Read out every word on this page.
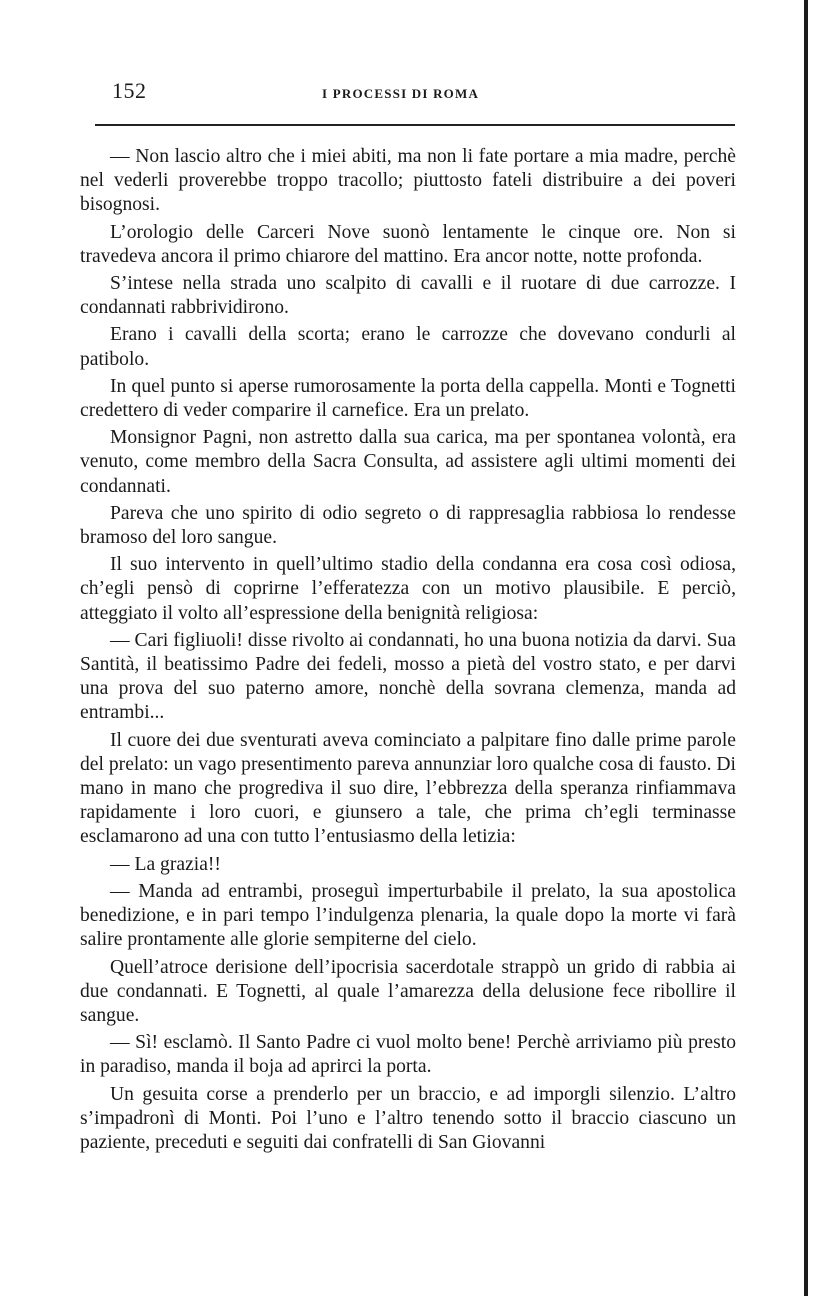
152	I PROCESSI DI ROMA

— Non lascio altro che i miei abiti, ma non li fate portare a mia madre, perchè nel vederli proverebbe troppo tracollo; piuttosto fateli distribuire a dei poveri bisognosi.

L’orologio delle Carceri Nove suonò lentamente le cinque ore. Non si travedeva ancora il primo chiarore del mattino. Era ancor notte, notte profonda.

S’intese nella strada uno scalpito di cavalli e il ruotare di due carrozze. I condannati rabbrividirono.

Erano i cavalli della scorta; erano le carrozze che dovevano condurli al patibolo.

In quel punto si aperse rumorosamente la porta della cappella. Monti e Tognetti credettero di veder comparire il carnefice. Era un prelato.

Monsignor Pagni, non astretto dalla sua carica, ma per spontanea volontà, era venuto, come membro della Sacra Consulta, ad assistere agli ultimi momenti dei condannati.

Pareva che uno spirito di odio segreto o di rappresaglia rabbiosa lo rendesse bramoso del loro sangue.

Il suo intervento in quell’ultimo stadio della condanna era cosa così odiosa, ch’egli pensò di coprirne l’efferatezza con un motivo plausibile. E perciò, atteggiato il volto all’espressione della benignità religiosa:

— Cari figliuoli! disse rivolto ai condannati, ho una buona notizia da darvi. Sua Santità, il beatissimo Padre dei fedeli, mosso a pietà del vostro stato, e per darvi una prova del suo paterno amore, nonchè della sovrana clemenza, manda ad entrambi...

Il cuore dei due sventurati aveva cominciato a palpitare fino dalle prime parole del prelato: un vago presentimento pareva annunziar loro qualche cosa di fausto. Di mano in mano che progrediva il suo dire, l’ebbrezza della speranza rinfiammava rapidamente i loro cuori, e giunsero a tale, che prima ch’egli terminasse esclamarono ad una con tutto l’entusiasmo della letizia:

— La grazia!!

— Manda ad entrambi, proseguì imperturbabile il prelato, la sua apostolica benedizione, e in pari tempo l’indulgenza plenaria, la quale dopo la morte vi farà salire prontamente alle glorie sempiterne del cielo.

Quell’atroce derisione dell’ipocrisia sacerdotale strappò un grido di rabbia ai due condannati. E Tognetti, al quale l’amarezza della delusione fece ribollire il sangue.

— Sì! esclamò. Il Santo Padre ci vuol molto bene! Perchè arriviamo più presto in paradiso, manda il boja ad aprirci la porta.

Un gesuita corse a prenderlo per un braccio, e ad imporgli silenzio. L’altro s’impadronì di Monti. Poi l’uno e l’altro tenendo sotto il braccio ciascuno un paziente, preceduti e seguiti dai confratelli di San Giovanni
